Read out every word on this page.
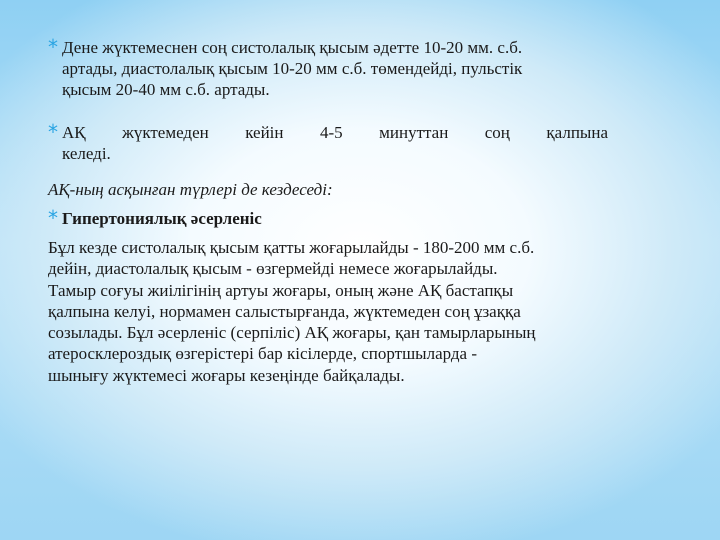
* Дене жүктемеснен соң систолалық қысым әдетте 10-20 мм. с.б.
артады, диастолалық қысым 10-20 мм с.б. төмендейді, пульстік
қысым 20-40 мм с.б. артады.
* АҚ жүктемеден кейін 4-5 минуттан соң қалпына
келеді.
АҚ-ның асқынған түрлері де кездеседі:
* Гипертониялық әсерленіс
Бұл кезде систолалық қысым қатты жоғарылайды - 180-200 мм с.б.
дейін, диастолалық қысым - өзгермейді немесе жоғарылайды.
Тамыр соғуы жиілігінің артуы жоғары, оның және АҚ бастапқы
қалпына келуі, нормамен салыстырғанда, жүктемеден соң ұзаққа
созылады. Бұл әсерленіс (серпіліс) АҚ жоғары, қан тамырларының
атеросклероздық өзгерістері бар кісілерде, спортшыларда -
шынығу жүктемесі жоғары кезеңінде байқалады.
